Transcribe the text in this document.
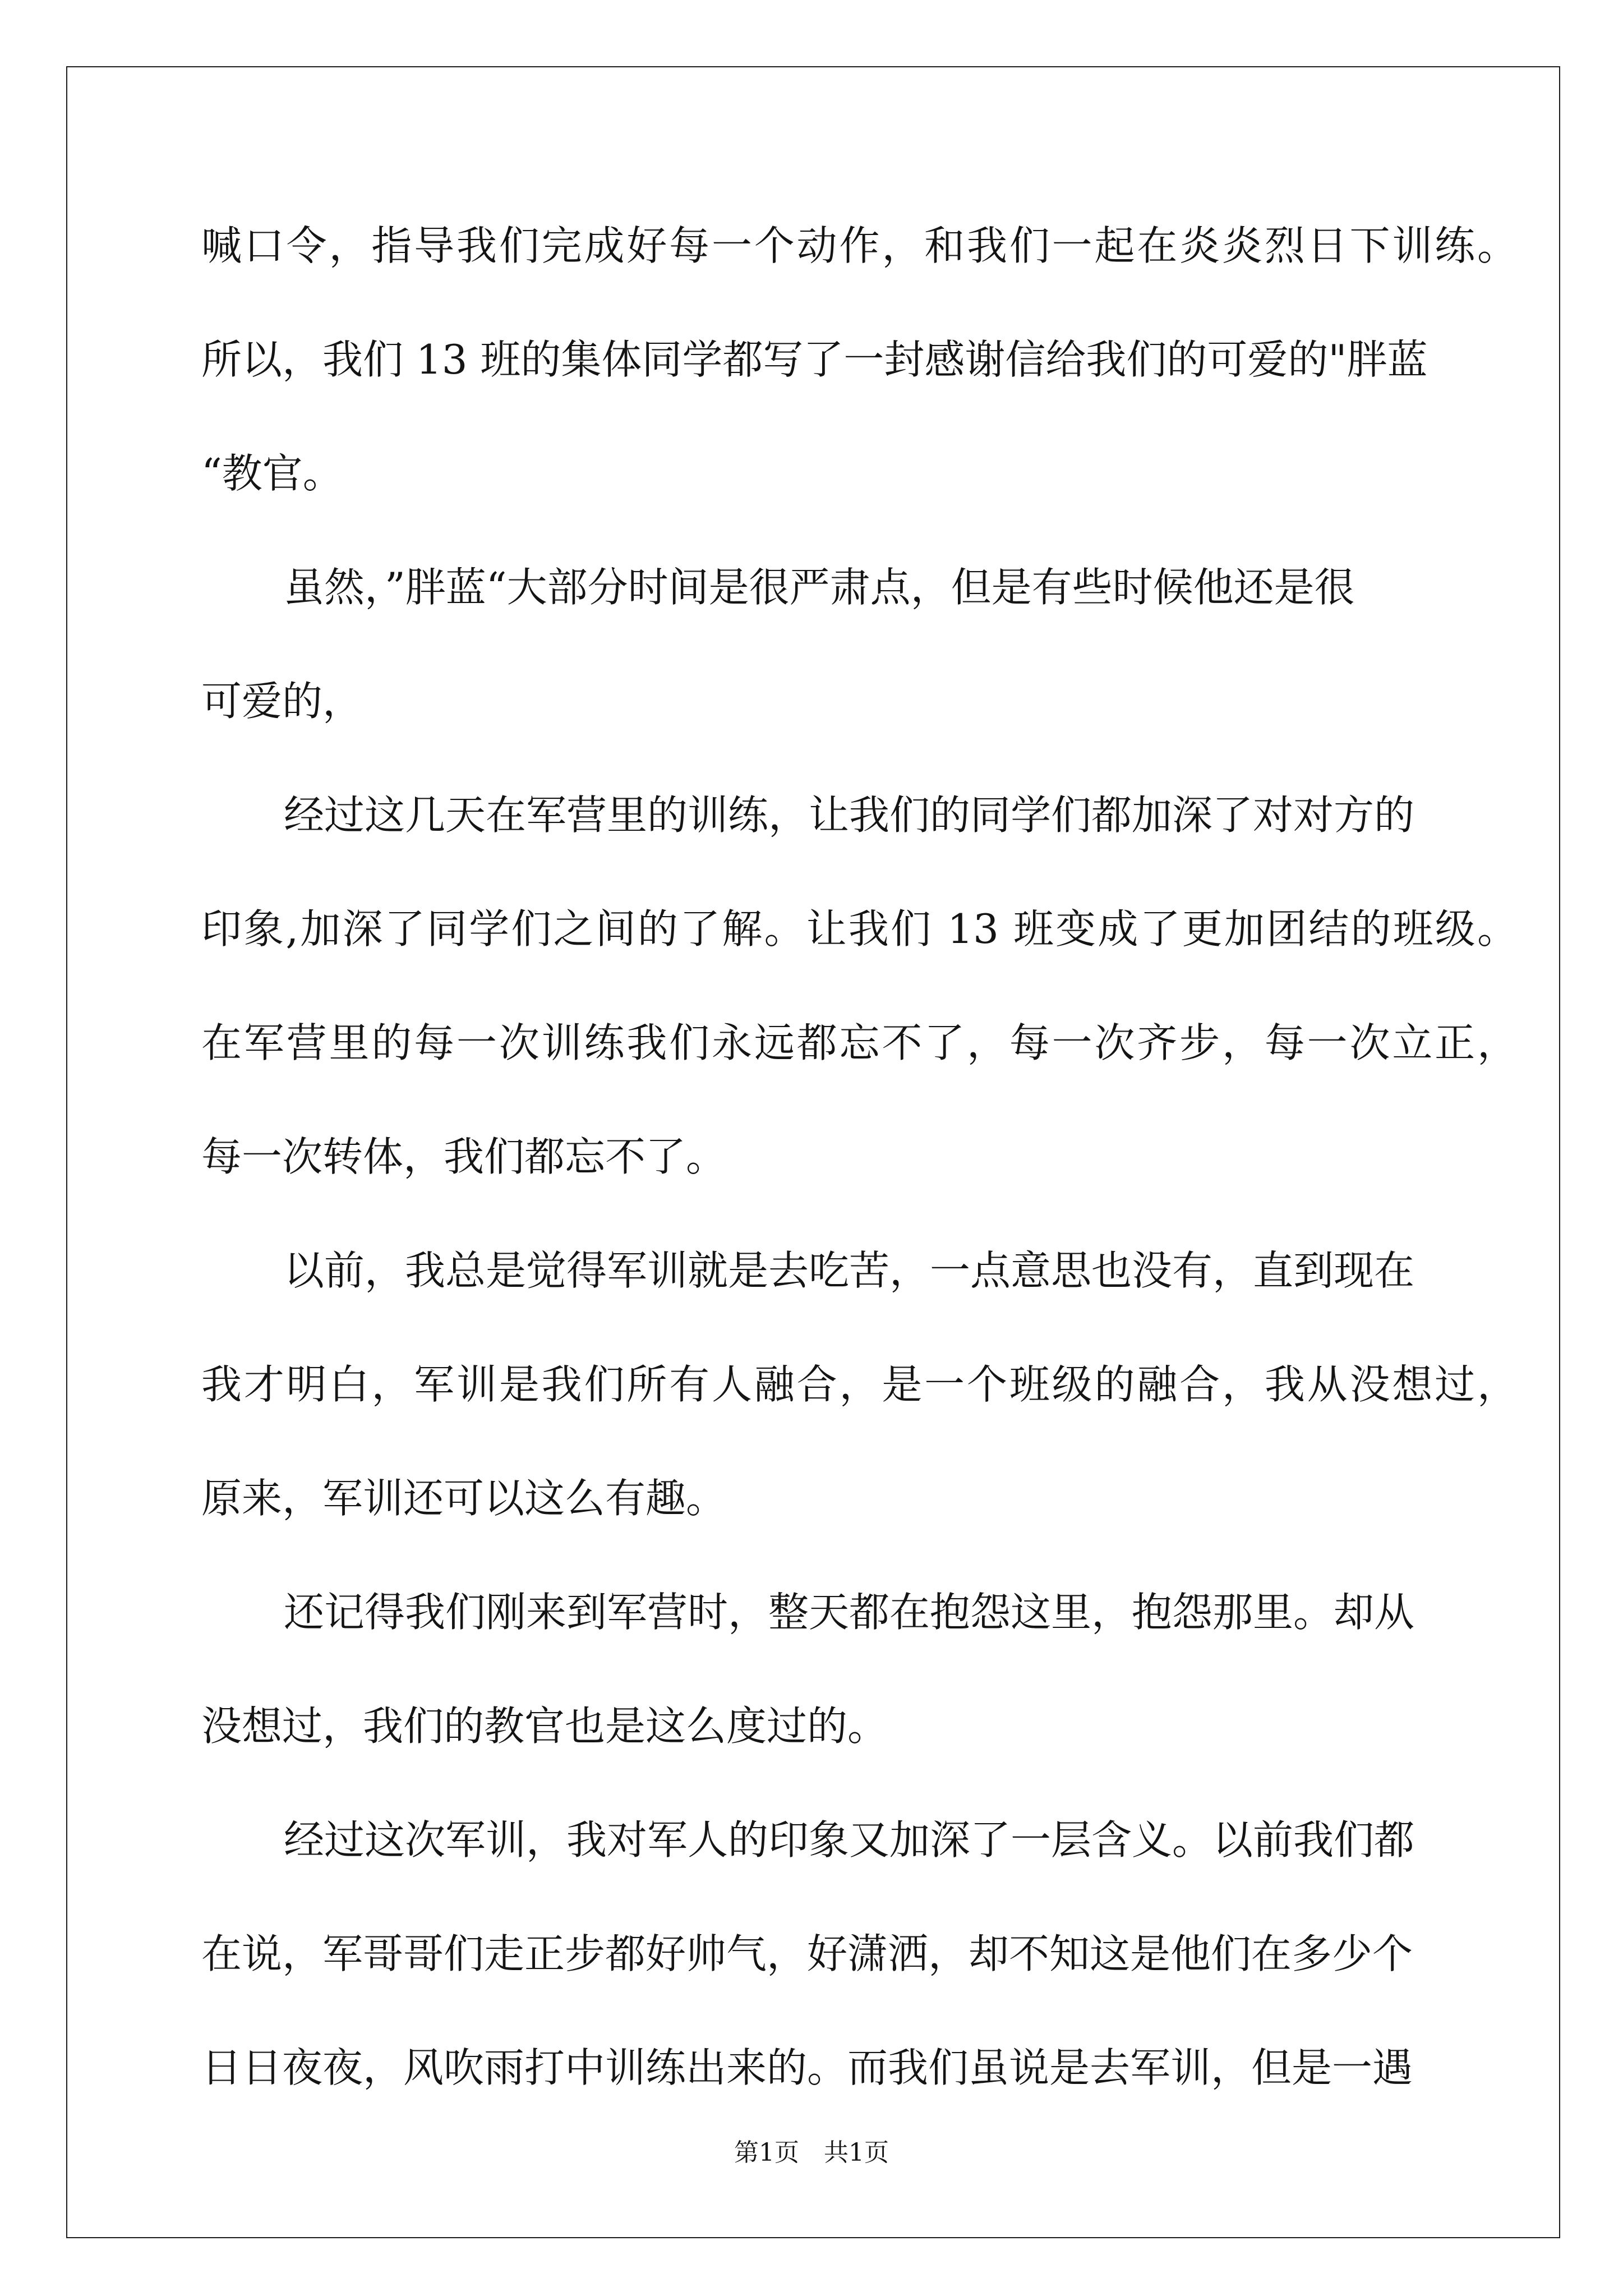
喊口令，指导我们完成好每一个动作，和我们一起在炎炎烈日下训练。
所以，我们 13 班的集体同学都写了一封感谢信给我们的可爱的"胖蓝
“教官。
虽然，”胖蓝“大部分时间是很严肃点，但是有些时候他还是很
可爱的，
经过这几天在军营里的训练，让我们的同学们都加深了对对方的
印象,加深了同学们之间的了解。让我们 13 班变成了更加团结的班级。
在军营里的每一次训练我们永远都忘不了，每一次齐步，每一次立正，
每一次转体，我们都忘不了。
以前，我总是觉得军训就是去吃苦，一点意思也没有，直到现在
我才明白，军训是我们所有人融合，是一个班级的融合，我从没想过，
原来，军训还可以这么有趣。
还记得我们刚来到军营时，整天都在抱怨这里，抱怨那里。却从
没想过，我们的教官也是这么度过的。
经过这次军训，我对军人的印象又加深了一层含义。以前我们都
在说，军哥哥们走正步都好帅气，好潇洒，却不知这是他们在多少个
日日夜夜，风吹雨打中训练出来的。而我们虽说是去军训，但是一遇
第1页　共1页
